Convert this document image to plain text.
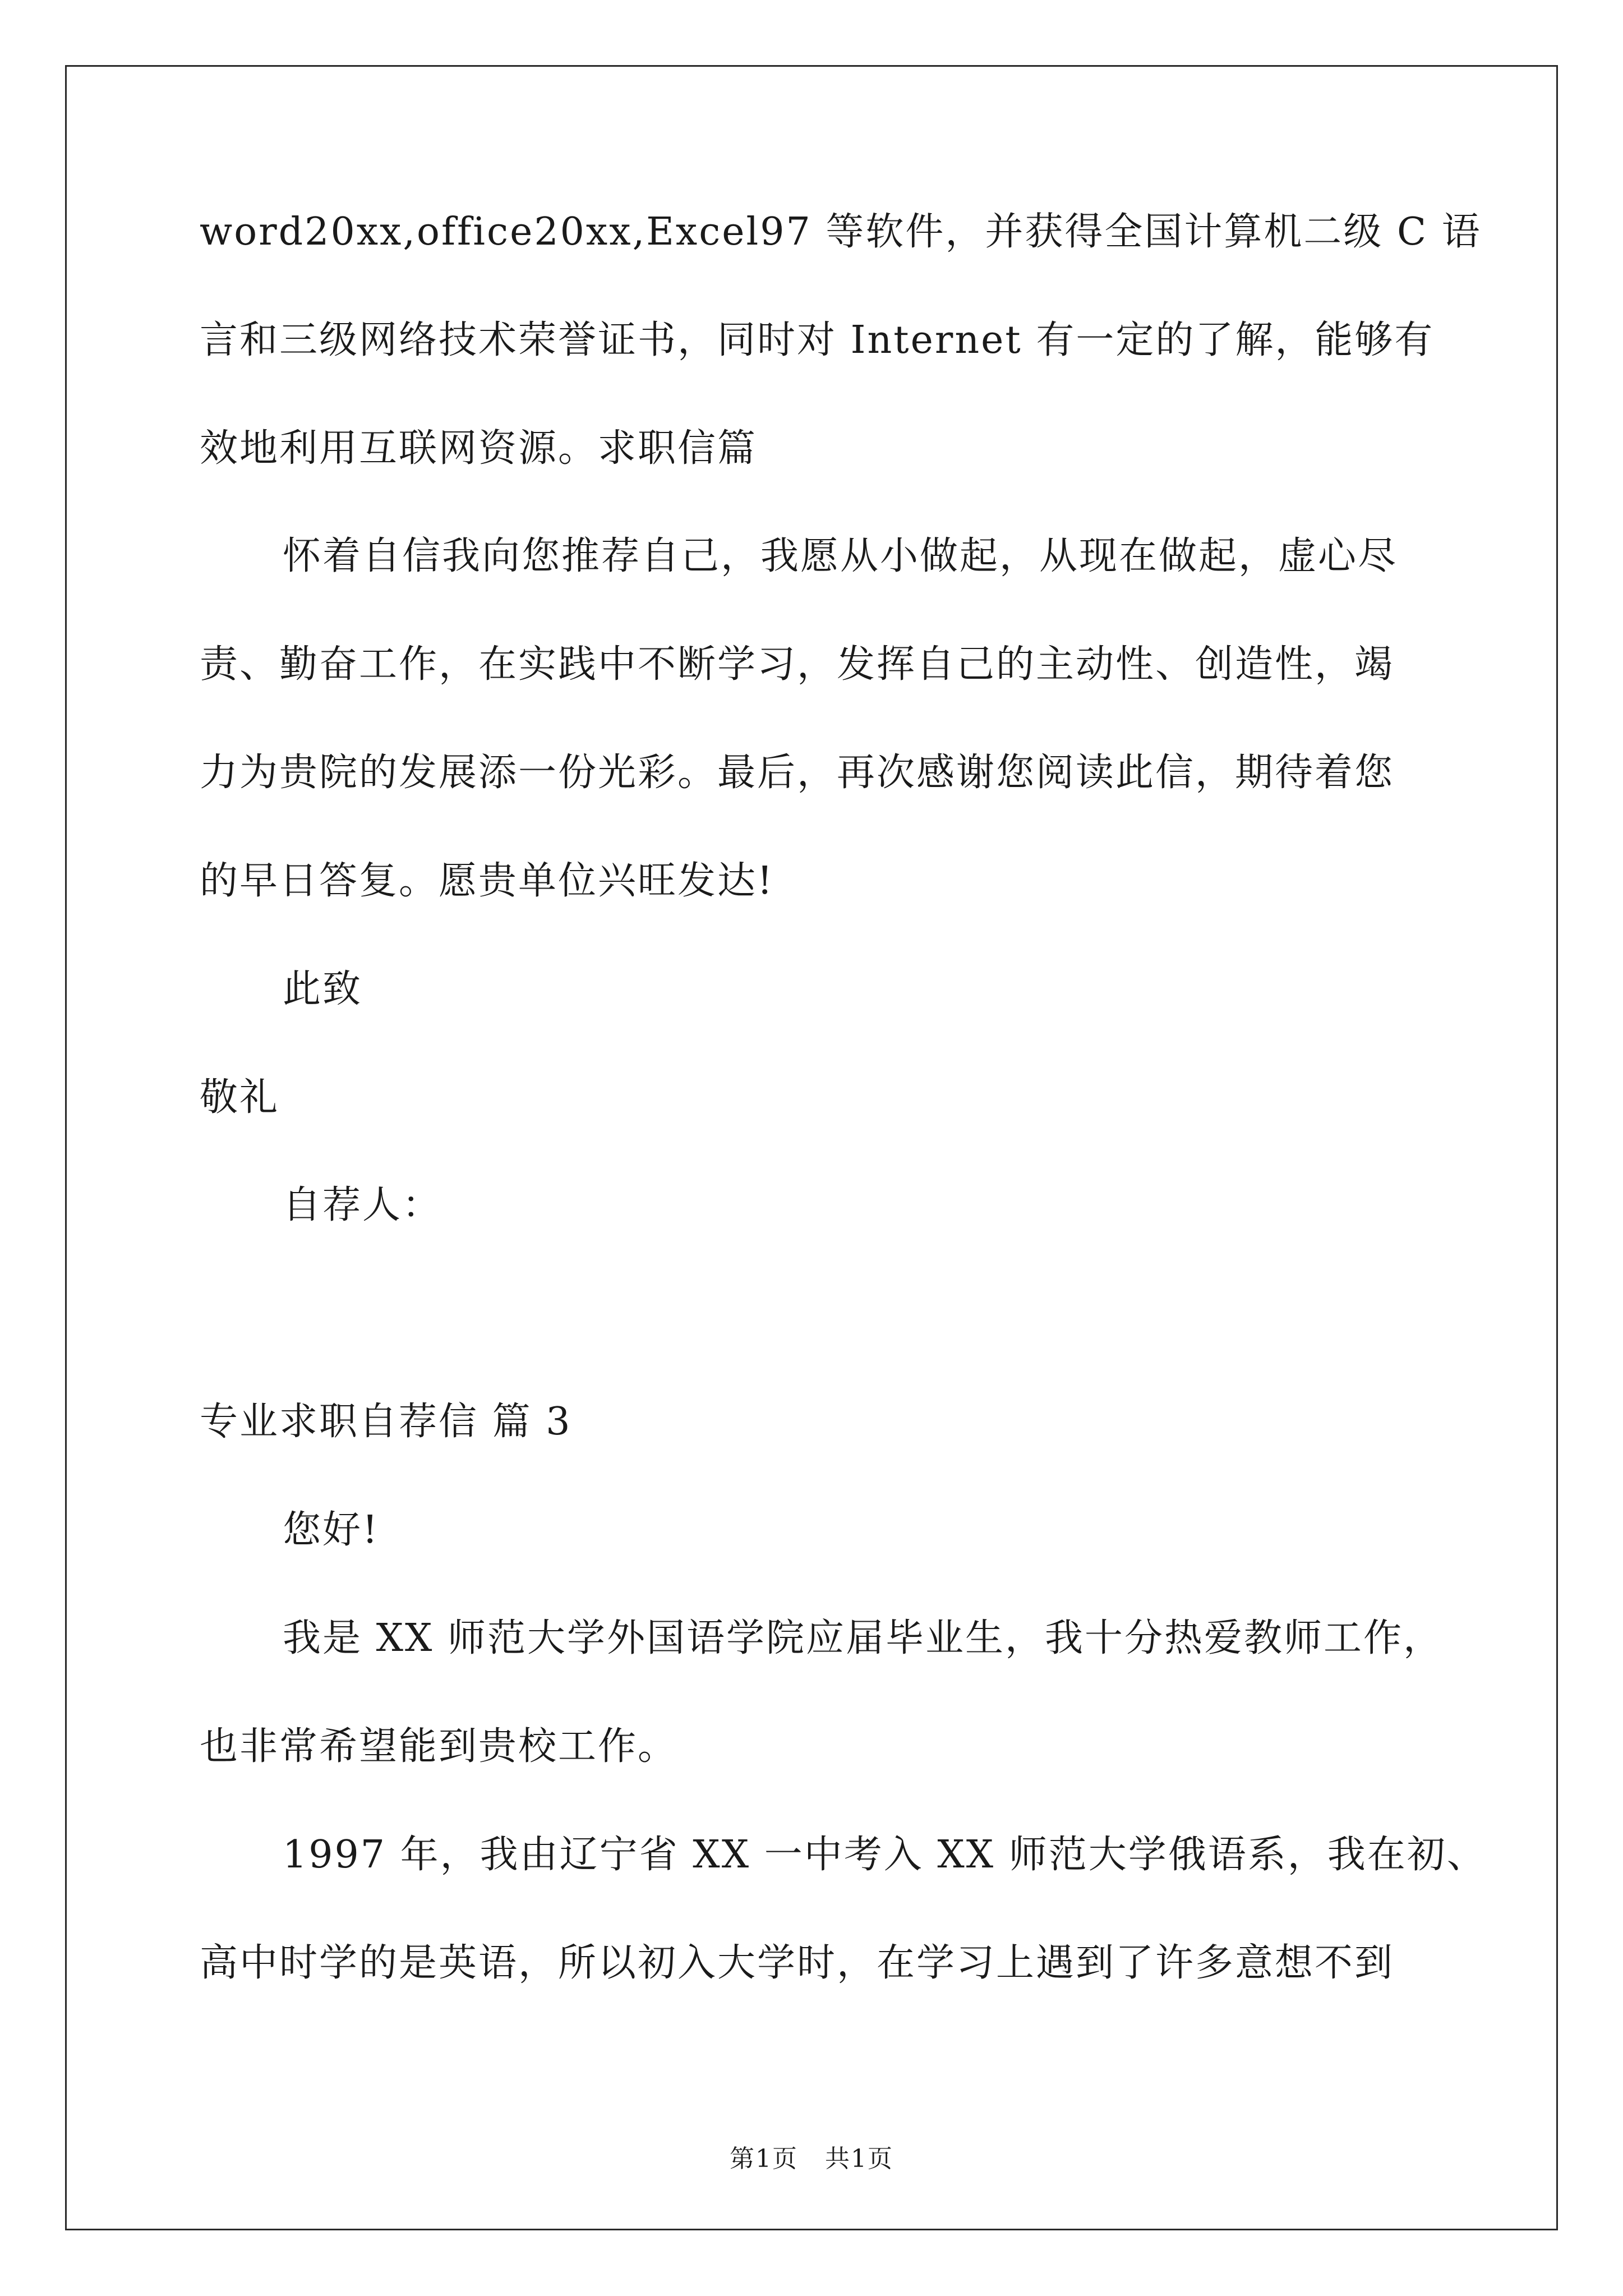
word20xx,office20xx,Excel97 等软件，并获得全国计算机二级 C 语
言和三级网络技术荣誉证书，同时对 Internet 有一定的了解，能够有
效地利用互联网资源。求职信篇
怀着自信我向您推荐自己，我愿从小做起，从现在做起，虚心尽
责、勤奋工作，在实践中不断学习，发挥自己的主动性、创造性，竭
力为贵院的发展添一份光彩。最后，再次感谢您阅读此信，期待着您
的早日答复。愿贵单位兴旺发达!
此致
敬礼
自荐人：
专业求职自荐信 篇 3
您好!
我是 XX 师范大学外国语学院应届毕业生，我十分热爱教师工作，
也非常希望能到贵校工作。
1997 年，我由辽宁省 XX 一中考入 XX 师范大学俄语系，我在初、
高中时学的是英语，所以初入大学时，在学习上遇到了许多意想不到
第1页   共1页
